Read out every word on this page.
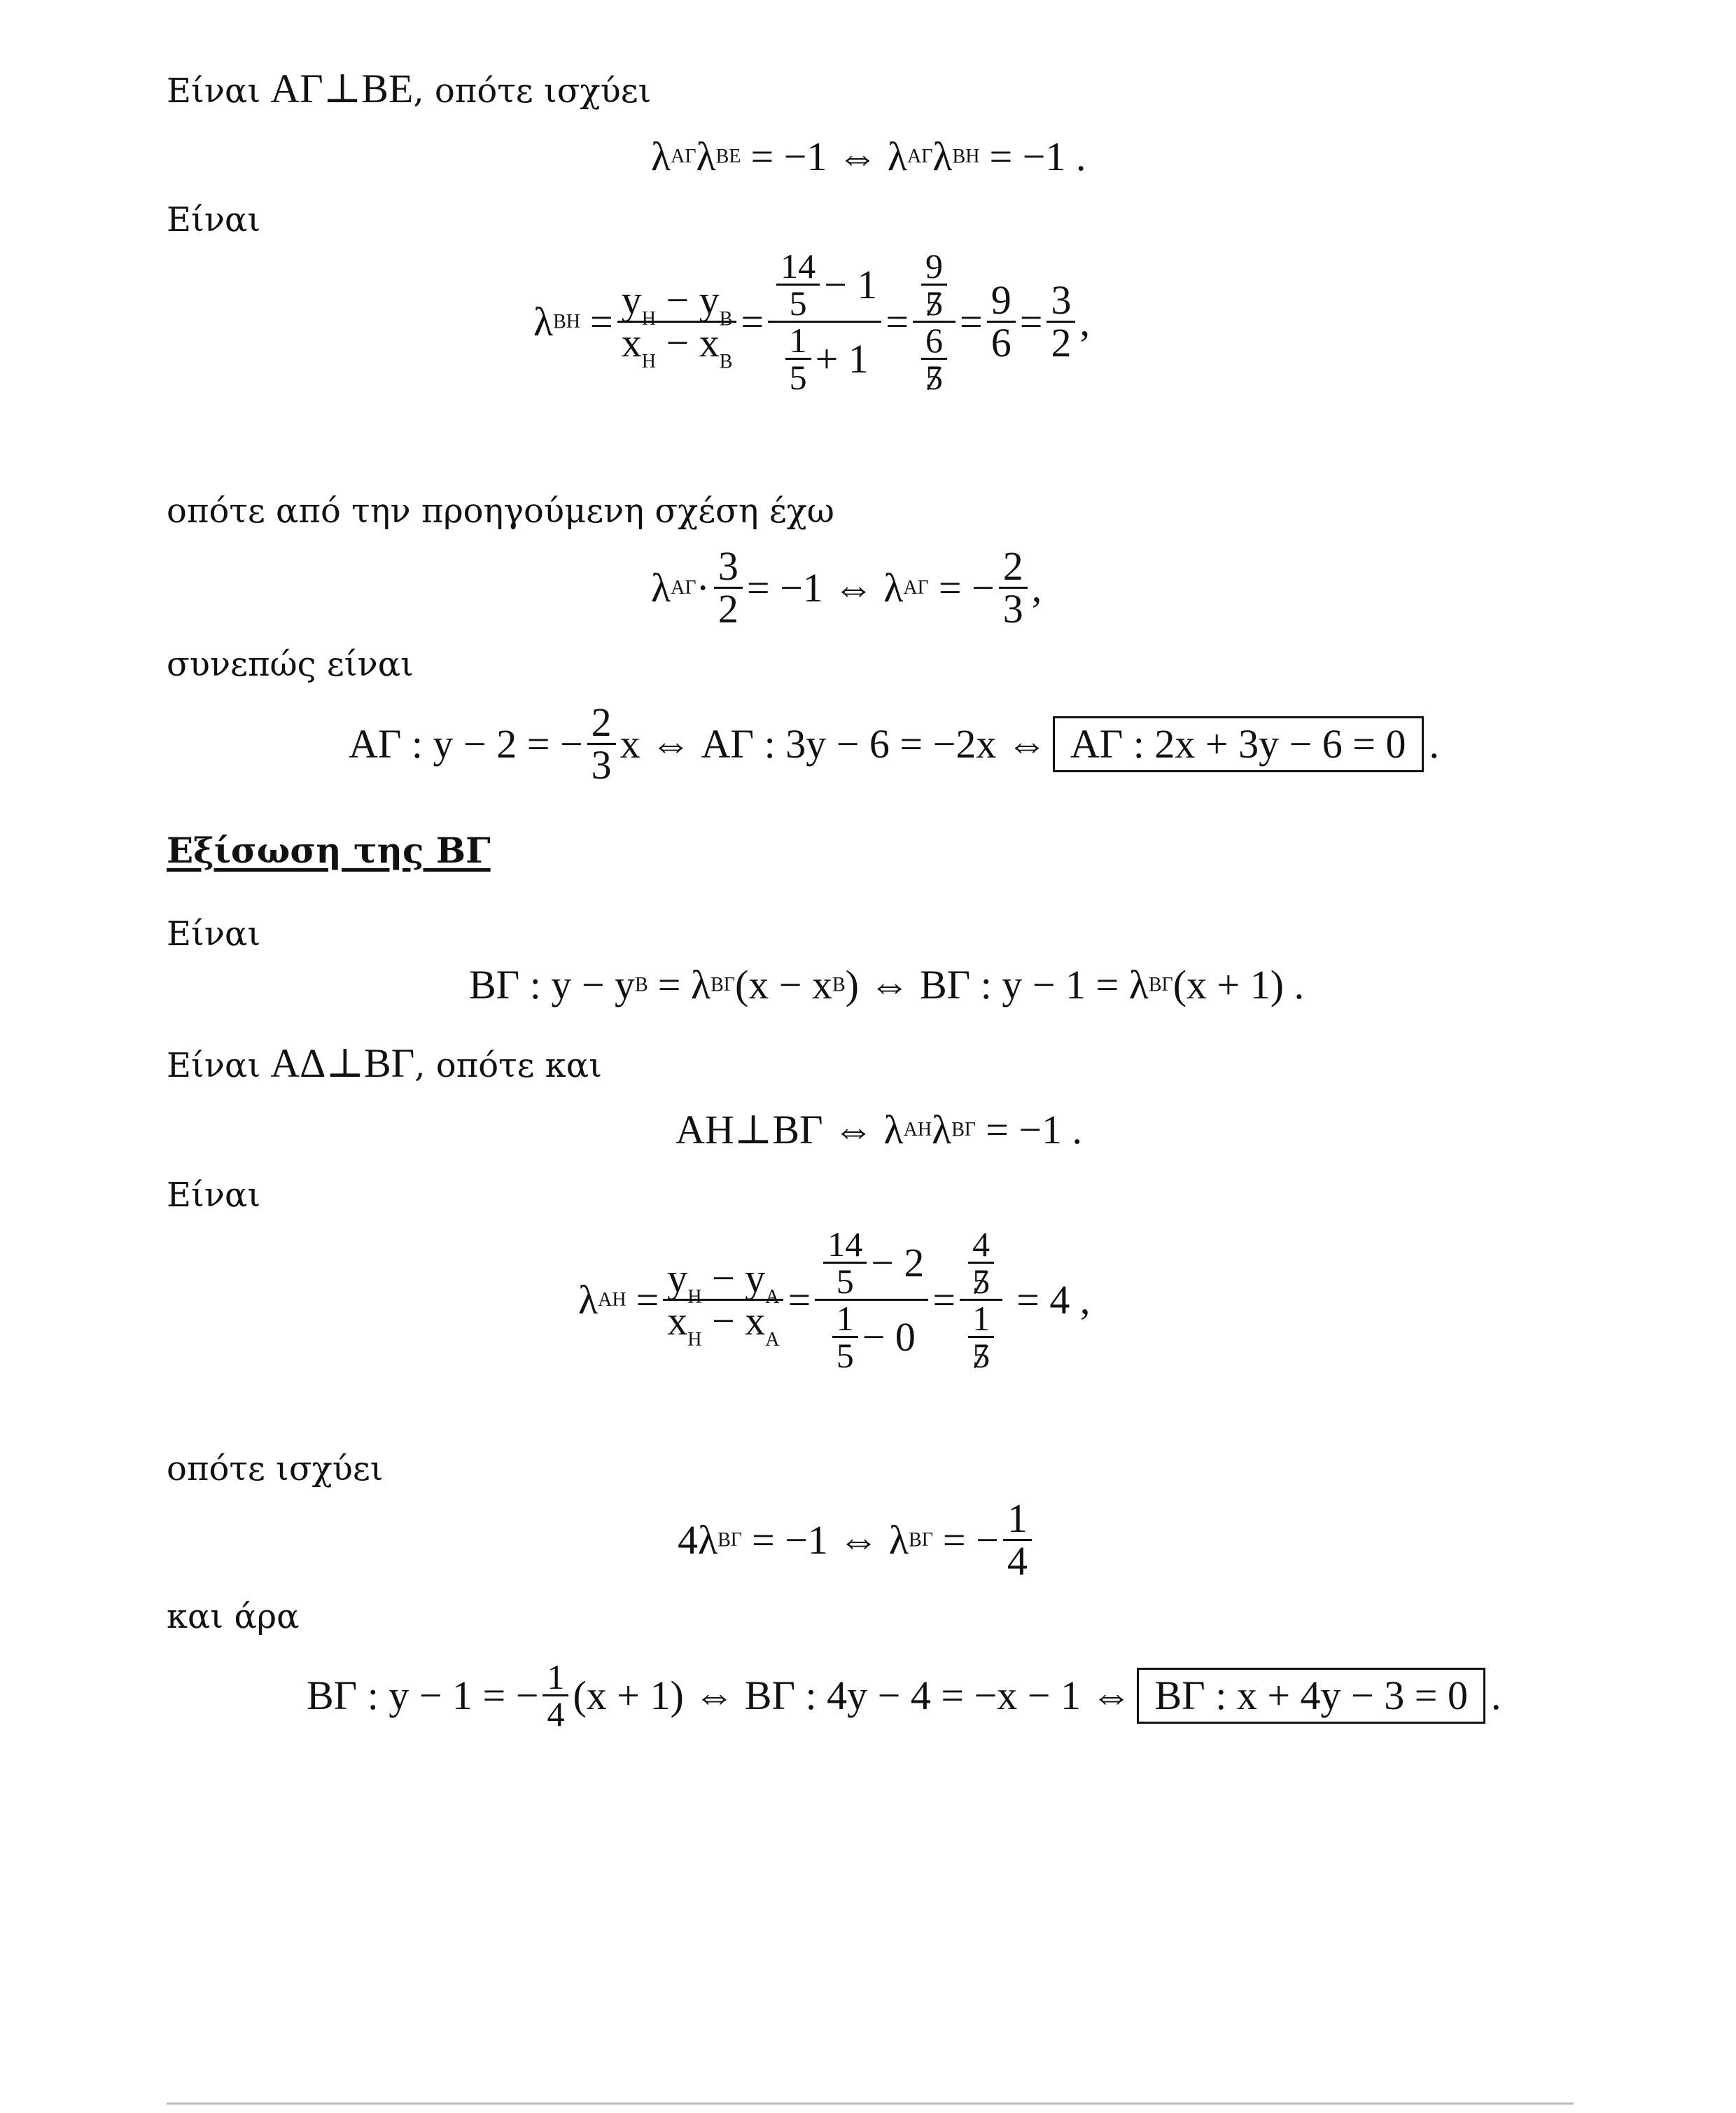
Είναι ΑΓ⊥ΒΕ, οπότε ισχύει
λ ΑΓ λ ΒΕ = −1 ⇔ λ ΑΓ λ ΒΗ = −1 .
Είναι
λ $BH = \frac{y_H - y_B}{x_H - x_B} = \frac{\frac{14}{5} - 1}{\frac{1}{5} + 1} = \frac{\frac{9}{5}}{\frac{6}{5}} = \frac{9}{6} = \frac{3}{2}$ ,
οπότε από την προηγούμενη σχέση έχω
λ $A\Gamma \cdot \frac{3}{2} = -1$ ⇔ λ ΑΓ = − $\frac{2}{3}$ ,
συνεπώς είναι
ΑΓ : y − 2 = − $\frac{2}{3}$ x ⇔ ΑΓ : 3y − 6 = −2x ⇔ ΑΓ : 2x + 3y − 6 = 0 .
Εξίσωση της ΒΓ
Είναι
ΒΓ : y − y Β = λ ΒΓ (x − x Β ) ⇔ ΒΓ : y − 1 = λ ΒΓ (x + 1) .
Είναι ΑΔ⊥ΒΓ, οπότε και
ΑΗ⊥ΒΓ ⇔ λ ΑΗ λ ΒΓ = −1 .
Είναι
λ $AH = \frac{y_H - y_A}{x_H - x_A} = \frac{\frac{14}{5} - 2}{\frac{1}{5} - 0} = \frac{\frac{4}{5}}{\frac{1}{5}} = 4$ ,
οπότε ισχύει
4λ ΒΓ = −1 ⇔ λ ΒΓ = − $\frac{1}{4}$
και άρα
ΒΓ : y − 1 = − $\frac{1}{4} (x + 1)$ ⇔ ΒΓ : 4y − 4 = −x − 1 ⇔ ΒΓ : x + 4y − 3 = 0 .
